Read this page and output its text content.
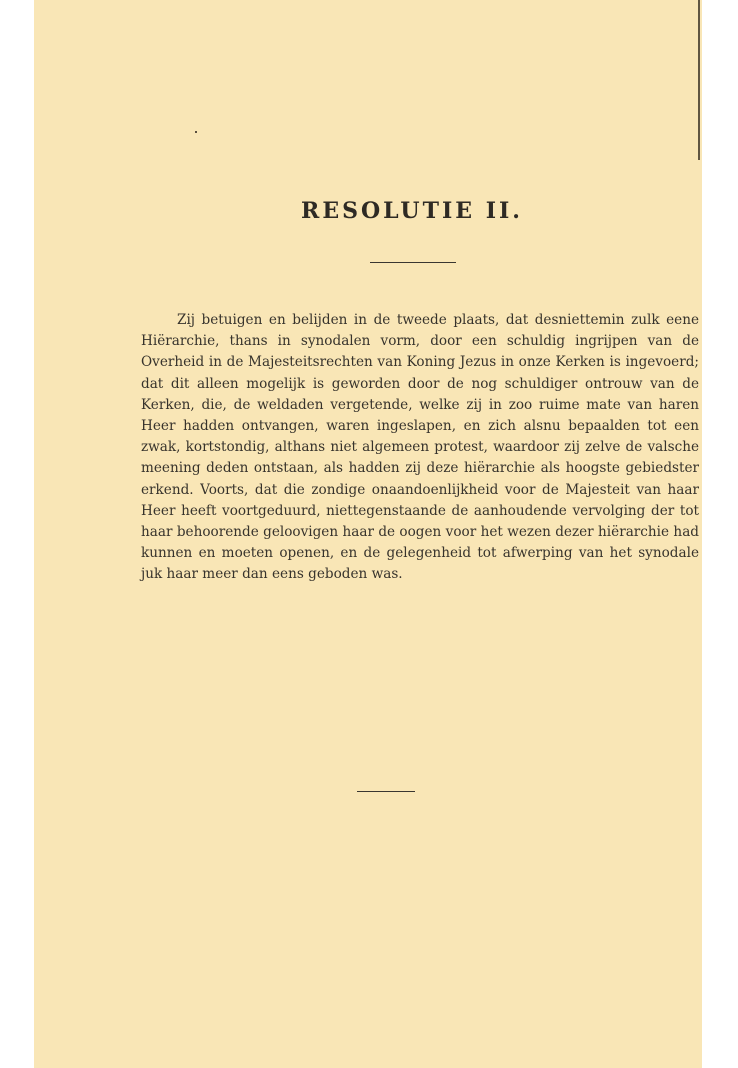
RESOLUTIE II.

Zij betuigen en belijden in de tweede plaats, dat desniettemin zulk eene Hiërarchie, thans in synodalen vorm, door een schuldig ingrijpen van de Overheid in de Majesteitsrechten van Koning Jezus in onze Kerken is ingevoerd; dat dit alleen mogelijk is geworden door de nog schuldiger ontrouw van de Kerken, die, de weldaden vergetende, welke zij in zoo ruime mate van haren Heer hadden ontvangen, waren ingeslapen, en zich alsnu bepaalden tot een zwak, kortstondig, althans niet algemeen protest, waardoor zij zelve de valsche meening deden ontstaan, als hadden zij deze hiërarchie als hoogste gebiedster erkend. Voorts, dat die zondige onaandoenlijkheid voor de Majesteit van haar Heer heeft voortgeduurd, niettegenstaande de aanhoudende vervolging der tot haar behoorende geloovigen haar de oogen voor het wezen dezer hiërarchie had kunnen en moeten openen, en de gelegenheid tot afwerping van het synodale juk haar meer dan eens geboden was.
